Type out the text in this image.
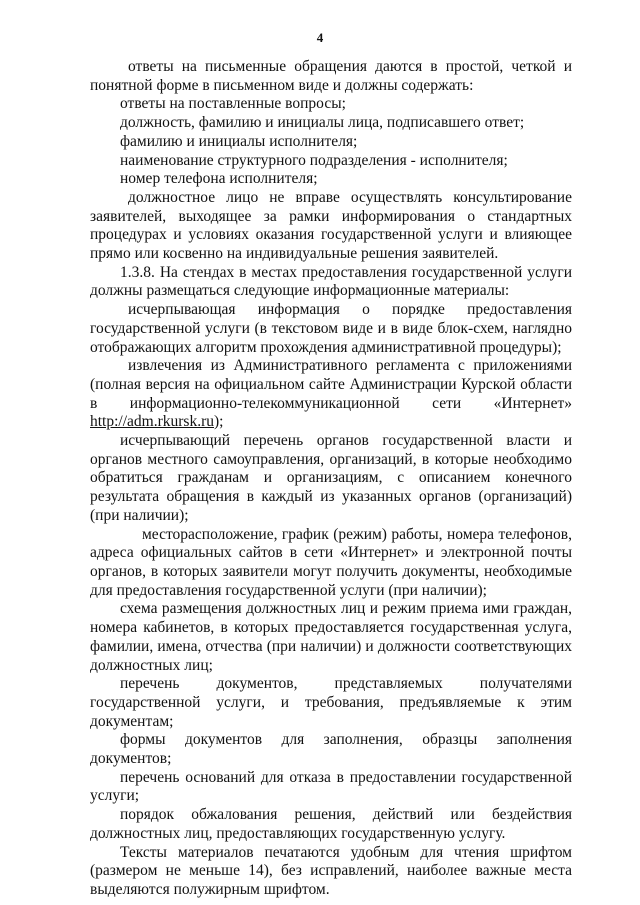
4

ответы на письменные обращения даются в простой, четкой и понятной форме в письменном виде и должны содержать:

ответы на поставленные вопросы;

должность, фамилию и инициалы лица, подписавшего ответ;

фамилию и инициалы исполнителя;

наименование структурного подразделения - исполнителя;

номер телефона исполнителя;

должностное лицо не вправе осуществлять консультирование заявителей, выходящее за рамки информирования о стандартных процедурах и условиях оказания государственной услуги и влияющее прямо или косвенно на индивидуальные решения заявителей.

1.3.8. На стендах в местах предоставления государственной услуги должны размещаться следующие информационные материалы:

исчерпывающая информация о порядке предоставления государственной услуги (в текстовом виде и в виде блок-схем, наглядно отображающих алгоритм прохождения административной процедуры);

извлечения из Административного регламента с приложениями (полная версия на официальном сайте Администрации Курской области в информационно-телекоммуникационной сети «Интернет» http://adm.rkursk.ru);

исчерпывающий перечень органов государственной власти и органов местного самоуправления, организаций, в которые необходимо обратиться гражданам и организациям, с описанием конечного результата обращения в каждый из указанных органов (организаций) (при наличии);

месторасположение, график (режим) работы, номера телефонов, адреса официальных сайтов в сети «Интернет» и электронной почты органов, в которых заявители могут получить документы, необходимые для предоставления государственной услуги (при наличии);

схема размещения должностных лиц и режим приема ими граждан, номера кабинетов, в которых предоставляется государственная услуга, фамилии, имена, отчества (при наличии) и должности соответствующих должностных лиц;

перечень документов, представляемых получателями государственной услуги, и требования, предъявляемые к этим документам;

формы документов для заполнения, образцы заполнения документов;

перечень оснований для отказа в предоставлении государственной услуги;

порядок обжалования решения, действий или бездействия должностных лиц, предоставляющих государственную услугу.

Тексты материалов печатаются удобным для чтения шрифтом (размером не меньше 14), без исправлений, наиболее важные места выделяются полужирным шрифтом.
